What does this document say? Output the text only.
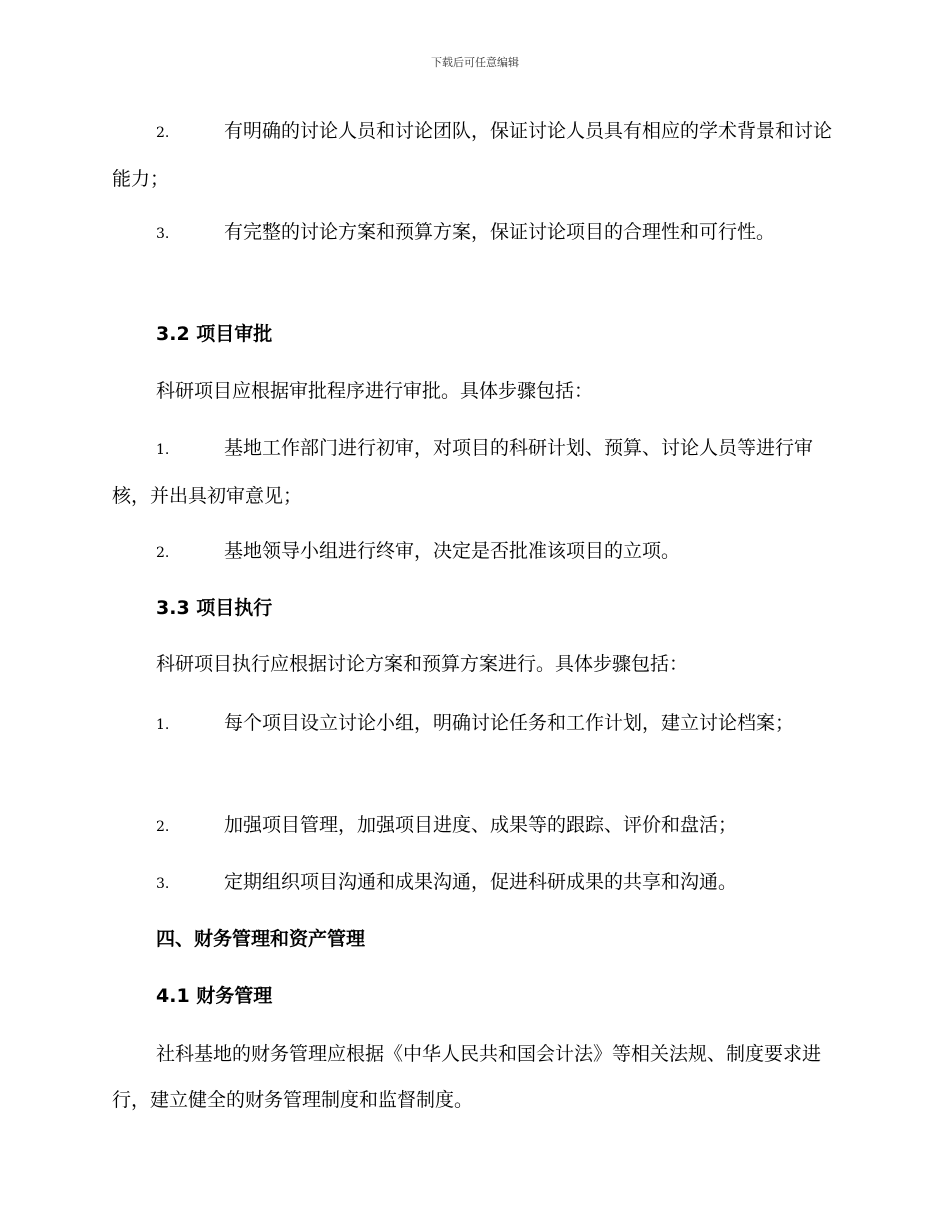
下载后可任意编辑
2.	有明确的讨论人员和讨论团队，保证讨论人员具有相应的学术背景和讨论能力；
3.	有完整的讨论方案和预算方案，保证讨论项目的合理性和可行性。
3.2 项目审批
科研项目应根据审批程序进行审批。具体步骤包括：
1.	基地工作部门进行初审，对项目的科研计划、预算、讨论人员等进行审核，并出具初审意见；
2.	基地领导小组进行终审，决定是否批准该项目的立项。
3.3 项目执行
科研项目执行应根据讨论方案和预算方案进行。具体步骤包括：
1.	每个项目设立讨论小组，明确讨论任务和工作计划，建立讨论档案；
2.	加强项目管理，加强项目进度、成果等的跟踪、评价和盘活；
3.	定期组织项目沟通和成果沟通，促进科研成果的共享和沟通。
四、财务管理和资产管理
4.1 财务管理
社科基地的财务管理应根据《中华人民共和国会计法》等相关法规、制度要求进行，建立健全的财务管理制度和监督制度。
